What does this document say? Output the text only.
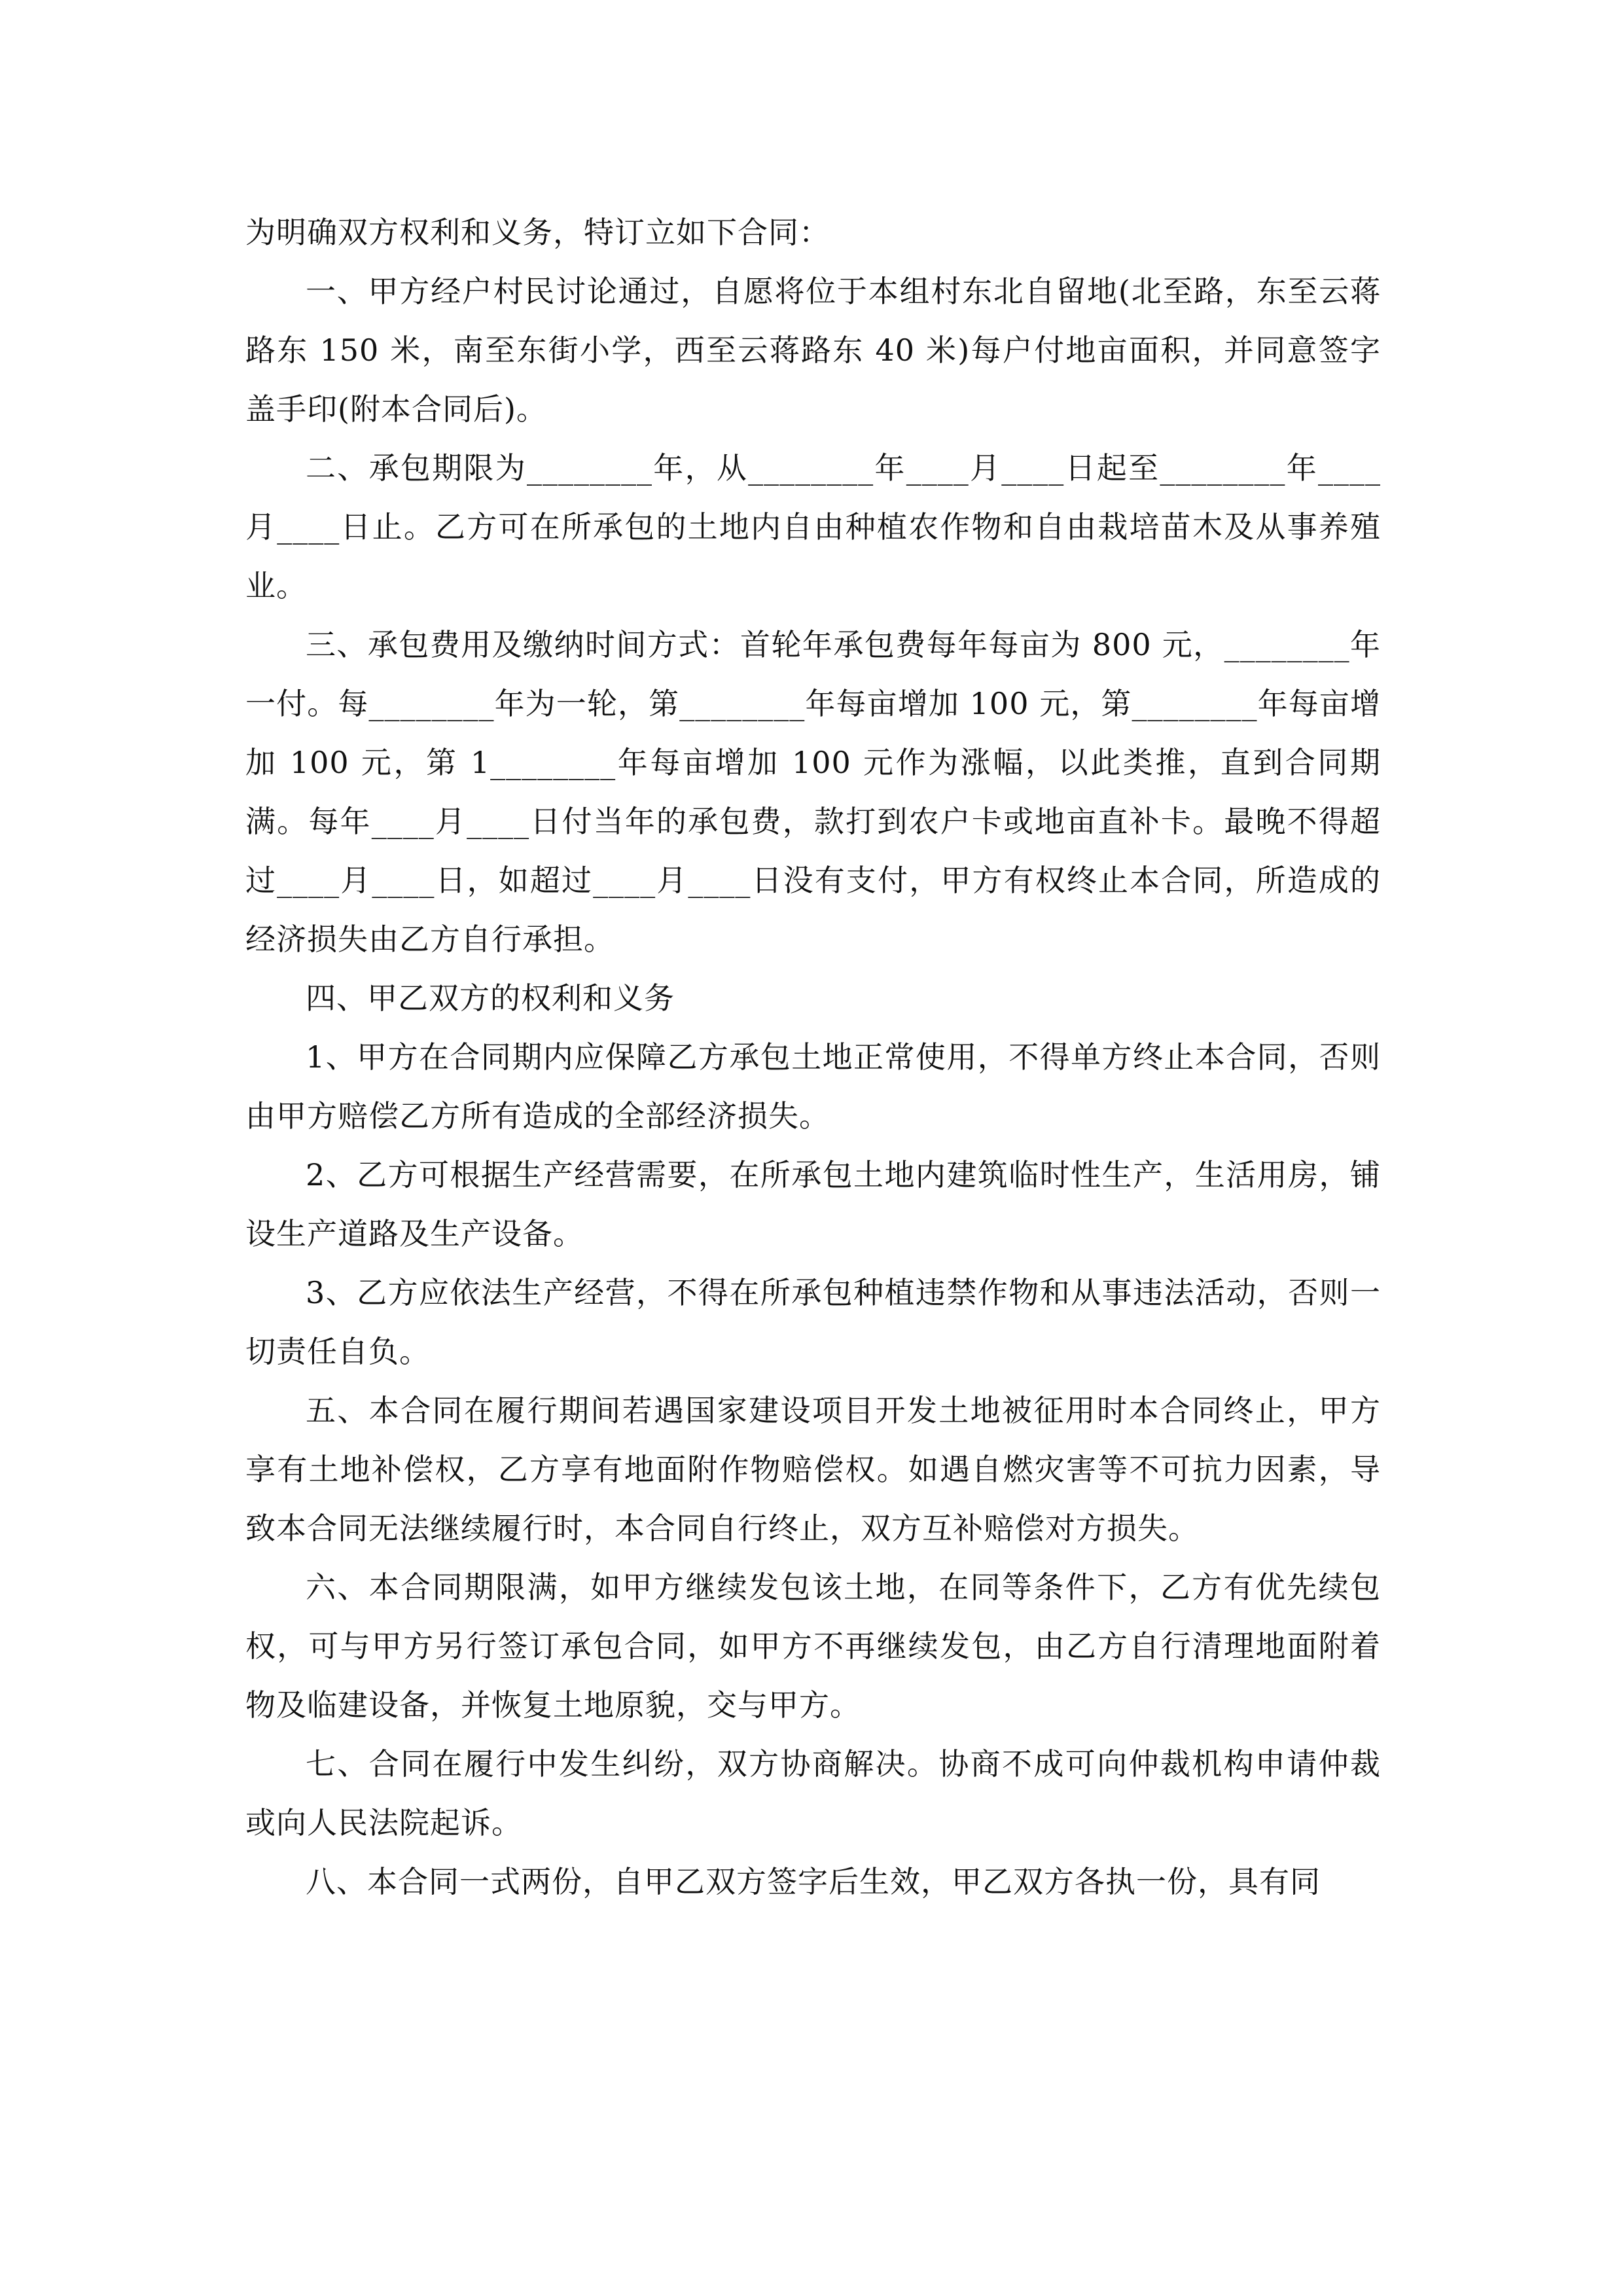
为明确双方权利和义务，特订立如下合同：

一、甲方经户村民讨论通过，自愿将位于本组村东北自留地(北至路，东至云蒋路东 150 米，南至东街小学，西至云蒋路东 40 米)每户付地亩面积，并同意签字盖手印(附本合同后)。

二、承包期限为________年，从________年____月____日起至________年____月____日止。乙方可在所承包的土地内自由种植农作物和自由栽培苗木及从事养殖业。

三、承包费用及缴纳时间方式：首轮年承包费每年每亩为 800 元，________年一付。每________年为一轮，第________年每亩增加 100 元，第________年每亩增加 100 元，第 1________年每亩增加 100 元作为涨幅，以此类推，直到合同期满。每年____月____日付当年的承包费，款打到农户卡或地亩直补卡。最晚不得超过____月____日，如超过____月____日没有支付，甲方有权终止本合同，所造成的经济损失由乙方自行承担。

四、甲乙双方的权利和义务

1、甲方在合同期内应保障乙方承包土地正常使用，不得单方终止本合同，否则由甲方赔偿乙方所有造成的全部经济损失。

2、乙方可根据生产经营需要，在所承包土地内建筑临时性生产，生活用房，铺设生产道路及生产设备。

3、乙方应依法生产经营，不得在所承包种植违禁作物和从事违法活动，否则一切责任自负。

五、本合同在履行期间若遇国家建设项目开发土地被征用时本合同终止，甲方享有土地补偿权，乙方享有地面附作物赔偿权。如遇自燃灾害等不可抗力因素，导致本合同无法继续履行时，本合同自行终止，双方互补赔偿对方损失。

六、本合同期限满，如甲方继续发包该土地，在同等条件下，乙方有优先续包权，可与甲方另行签订承包合同，如甲方不再继续发包，由乙方自行清理地面附着物及临建设备，并恢复土地原貌，交与甲方。

七、合同在履行中发生纠纷，双方协商解决。协商不成可向仲裁机构申请仲裁或向人民法院起诉。

八、本合同一式两份，自甲乙双方签字后生效，甲乙双方各执一份，具有同
